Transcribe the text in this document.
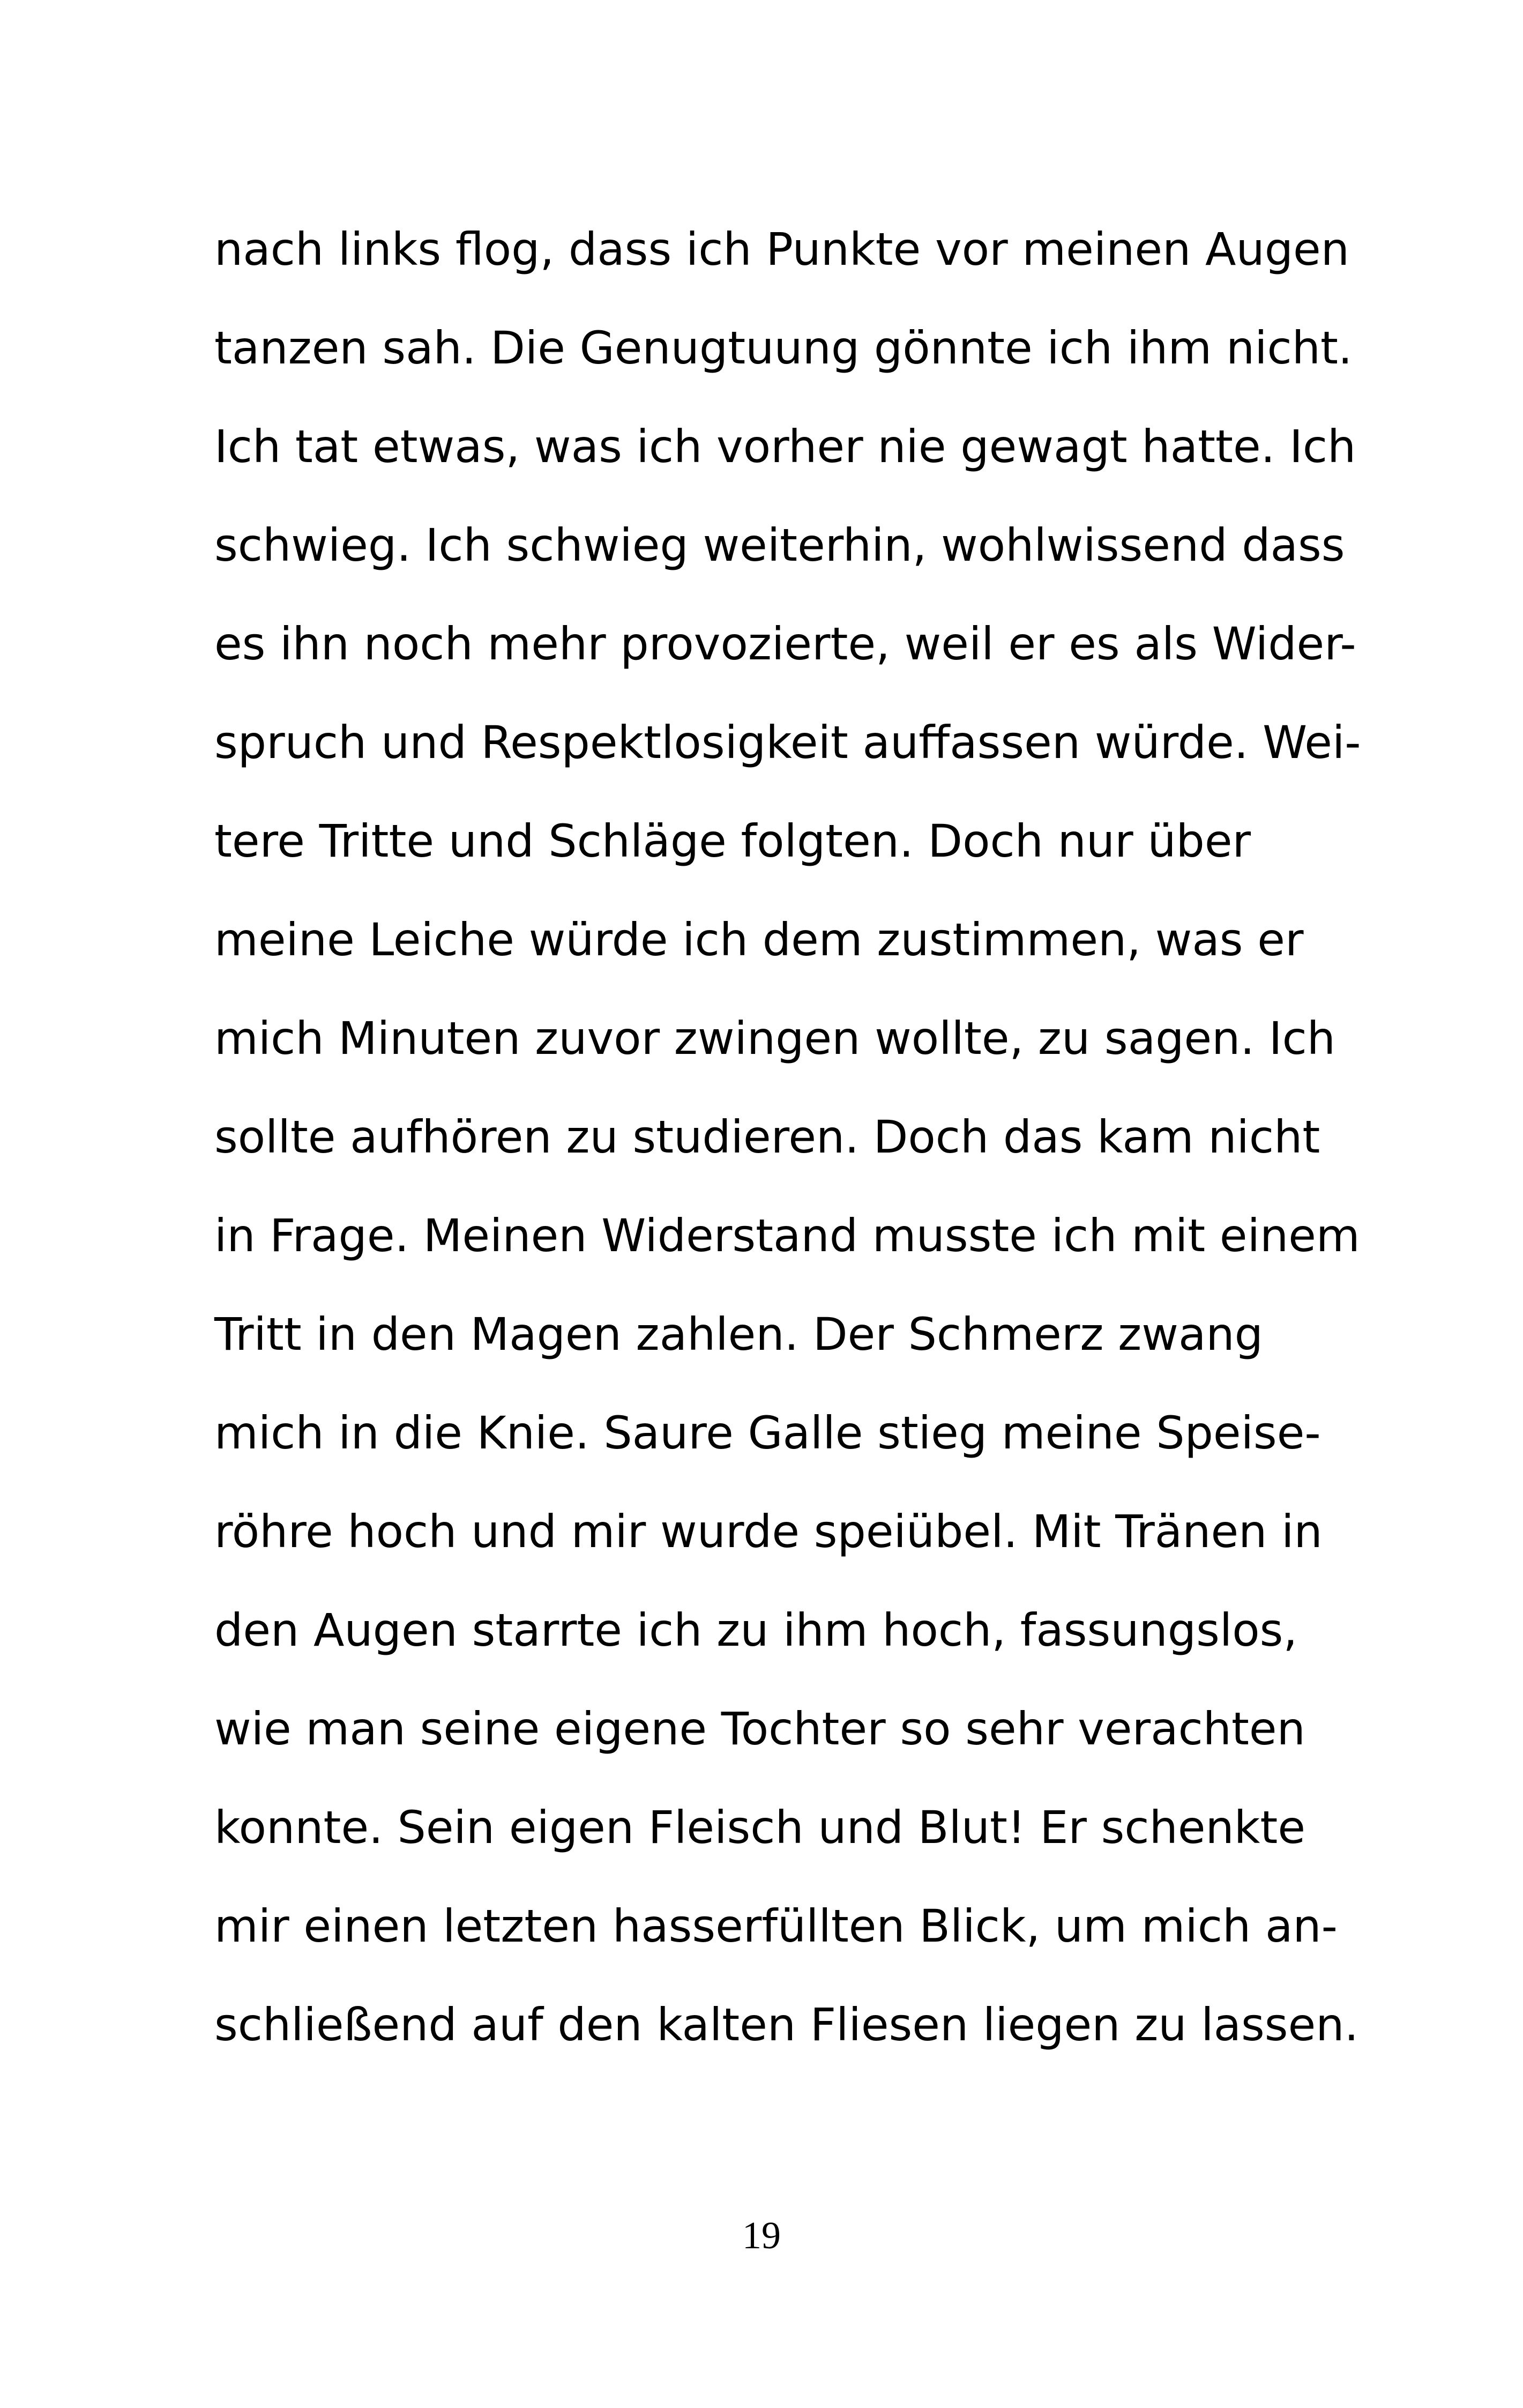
nach links flog, dass ich Punkte vor meinen Augen
tanzen sah. Die Genugtuung gönnte ich ihm nicht.
Ich tat etwas, was ich vorher nie gewagt hatte. Ich
schwieg. Ich schwieg weiterhin, wohlwissend dass
es ihn noch mehr provozierte, weil er es als Wider-
spruch und Respektlosigkeit auffassen würde. Wei-
tere Tritte und Schläge folgten. Doch nur über
meine Leiche würde ich dem zustimmen, was er
mich Minuten zuvor zwingen wollte, zu sagen. Ich
sollte aufhören zu studieren. Doch das kam nicht
in Frage. Meinen Widerstand musste ich mit einem
Tritt in den Magen zahlen. Der Schmerz zwang
mich in die Knie. Saure Galle stieg meine Speise-
röhre hoch und mir wurde speiübel. Mit Tränen in
den Augen starrte ich zu ihm hoch, fassungslos,
wie man seine eigene Tochter so sehr verachten
konnte. Sein eigen Fleisch und Blut! Er schenkte
mir einen letzten hasserfüllten Blick, um mich an-
schließend auf den kalten Fliesen liegen zu lassen.
19
